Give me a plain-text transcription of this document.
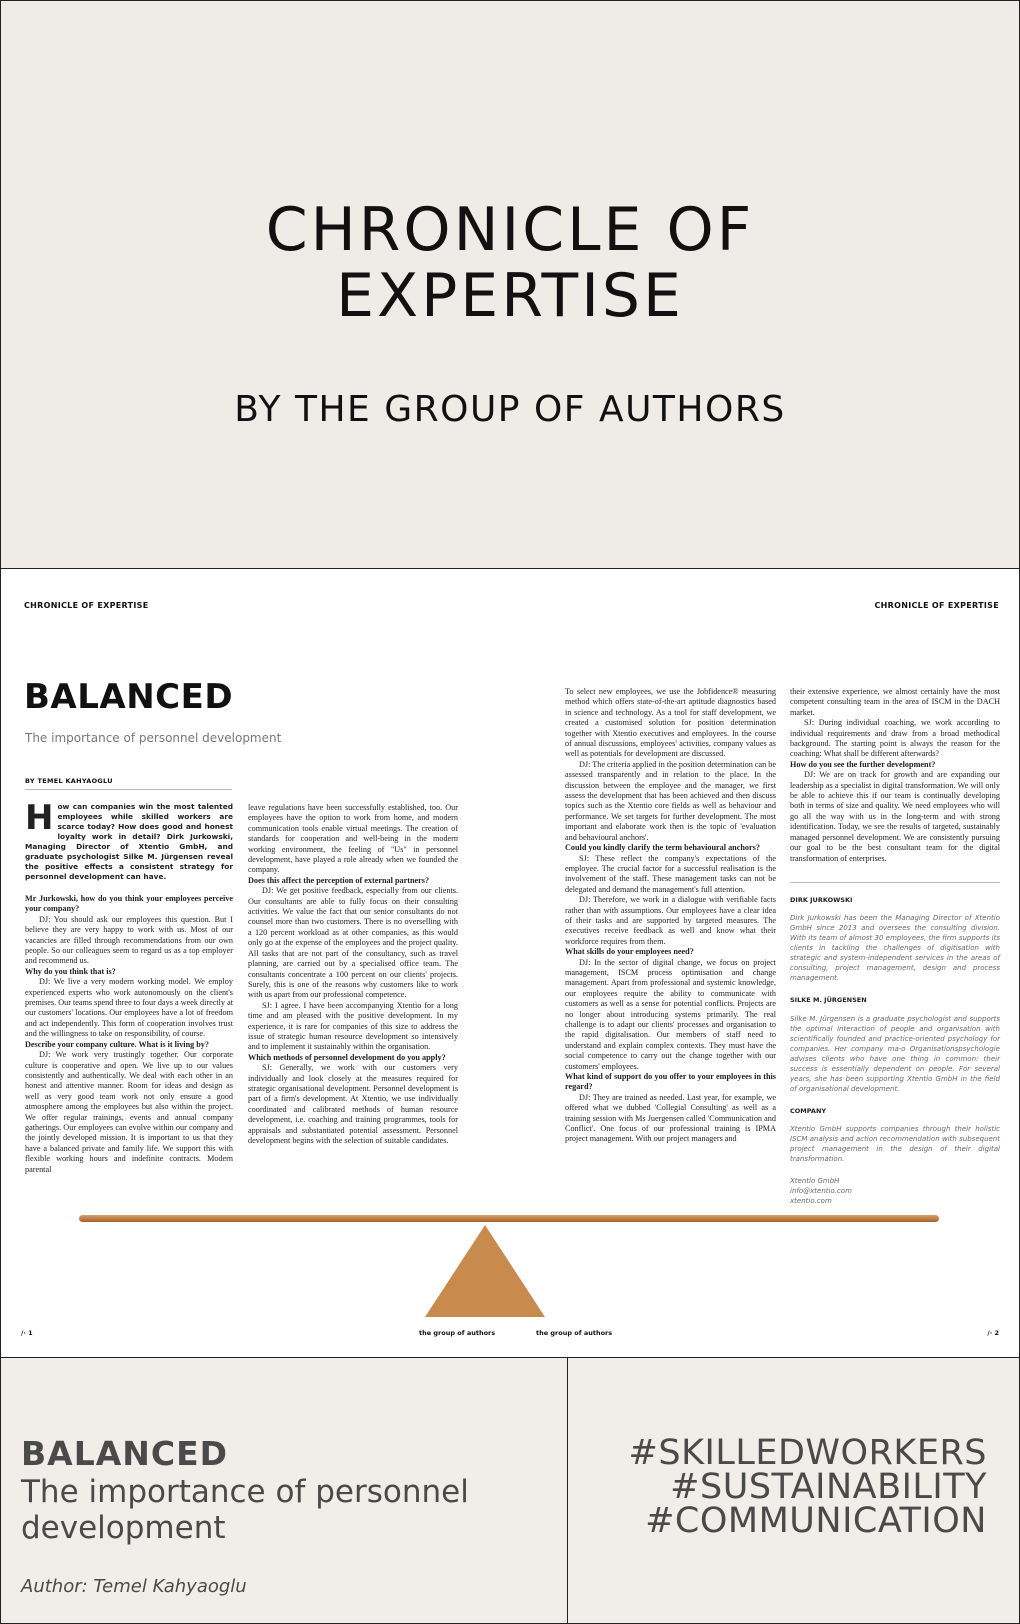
CHRONICLE OF
EXPERTISE
BY THE GROUP OF AUTHORS
CHRONICLE OF EXPERTISE	CHRONICLE OF EXPERTISE
BALANCED
The importance of personnel development
BY TEMEL KAHYAOGLU
How can companies win the most talented employees while skilled workers are scarce today? How does good and honest loyalty work in detail? Dirk Jurkowski, Managing Director of Xtentio GmbH, and graduate psychologist Silke M. Jürgensen reveal the positive effects a consistent strategy for personnel development can have.

Mr Jurkowski, how do you think your employees perceive your company?

DJ: You should ask our employees this question. But I believe they are very happy to work with us. Most of our vacancies are filled through recommendations from our own people. So our colleagues seem to regard us as a top employer and recommend us.

Why do you think that is?

DJ: We live a very modern working model. We employ experienced experts who work autonomously on the client's premises. Our teams spend three to four days a week directly at our customers' locations. Our employees have a lot of freedom and act independently. This form of cooperation involves trust and the willingness to take on responsibility, of course.

Describe your company culture. What is it living by?

DJ: We work very trustingly together. Our corporate culture is cooperative and open. We live up to our values consistently and authentically. We deal with each other in an honest and attentive manner. Room for ideas and design as well as very good team work not only ensure a good atmosphere among the employees but also within the project. We offer regular trainings, events and annual company gatherings. Our employees can evolve within our company and the jointly developed mission. It is important to us that they have a balanced private and family life. We support this with flexible working hours and indefinite contracts. Modern parental

leave regulations have been successfully established, too. Our employees have the option to work from home, and modern communication tools enable virtual meetings. The creation of standards for cooperation and well-being in the modern working environment, the feeling of "Us" in personnel development, have played a role already when we founded the company.

Does this affect the perception of external partners?

DJ: We get positive feedback, especially from our clients. Our consultants are able to fully focus on their consulting activities. We value the fact that our senior consultants do not counsel more than two customers. There is no overselling with a 120 percent workload as at other companies, as this would only go at the expense of the employees and the project quality. All tasks that are not part of the consultancy, such as travel planning, are carried out by a specialised office team. The consultants concentrate a 100 percent on our clients' projects. Surely, this is one of the reasons why customers like to work with us apart from our professional competence.

SJ: I agree. I have been accompanying Xtentio for a long time and am pleased with the positive development. In my experience, it is rare for companies of this size to address the issue of strategic human resource development so intensively and to implement it sustainably within the organisation.

Which methods of personnel development do you apply?

SJ: Generally, we work with our customers very individually and look closely at the measures required for strategic organisational development. Personnel development is part of a firm's development. At Xtentio, we use individually coordinated and calibrated methods of human resource development, i.e. coaching and training programmes, tools for appraisals and substantiated potential assessment. Personnel development begins with the selection of suitable candidates.

To select new employees, we use the Jobfidence® measuring method which offers state-of-the-art aptitude diagnostics based in science and technology. As a tool for staff development, we created a customised solution for position determination together with Xtentio executives and employees. In the course of annual discussions, employees' activities, company values as well as potentials for development are discussed.

DJ: The criteria applied in the position determination can be assessed transparently and in relation to the place. In the discussion between the employee and the manager, we first assess the development that has been achieved and then discuss topics such as the Xtentio core fields as well as behaviour and performance. We set targets for further development. The most important and elaborate work then is the topic of 'evaluation and behavioural anchors'.

Could you kindly clarify the term behavioural anchors?

SJ: These reflect the company's expectations of the employee. The crucial factor for a successful realisation is the involvement of the staff. These management tasks can not be delegated and demand the management's full attention.

DJ: Therefore, we work in a dialogue with verifiable facts rather than with assumptions. Our employees have a clear idea of their tasks and are supported by targeted measures. The executives receive feedback as well and know what their workforce requires from them.

What skills do your employees need?

DJ: In the sector of digital change, we focus on project management, ISCM process optimisation and change management. Apart from professional and systemic knowledge, our employees require the ability to communicate with customers as well as a sense for potential conflicts. Projects are no longer about introducing systems primarily. The real challenge is to adapt our clients' processes and organisation to the rapid digitalisation. Our members of staff need to understand and explain complex contexts. They must have the social competence to carry out the change together with our customers' employees.

What kind of support do you offer to your employees in this regard?

DJ: They are trained as needed. Last year, for example, we offered what we dubbed 'Collegial Consulting' as well as a training session with Ms Juergensen called 'Communication and Conflict'. One focus of our professional training is IPMA project management. With our project managers and

their extensive experience, we almost certainly have the most competent consulting team in the area of ISCM in the DACH market.

SJ: During individual coaching, we work according to individual requirements and draw from a broad methodical background. The starting point is always the reason for the coaching: What shall be different afterwards?

How do you see the further development?

DJ: We are on track for growth and are expanding our leadership as a specialist in digital transformation. We will only be able to achieve this if our team is continually developing both in terms of size and quality. We need employees who will go all the way with us in the long-term and with strong identification. Today, we see the results of targeted, sustainably managed personnel development. We are consistently pursuing our goal to be the best consultant team for the digital transformation of enterprises.

DIRK JURKOWSKI

Dirk Jurkowski has been the Managing Director of Xtentio GmbH since 2013 and oversees the consulting division. With its team of almost 30 employees, the firm supports its clients in tackling the challenges of digitisation with strategic and system-independent services in the areas of consulting, project management, design and process management.

SILKE M. JÜRGENSEN

Silke M. Jürgensen is a graduate psychologist and supports the optimal interaction of people and organisation with scientifically founded and practice-oriented psychology for companies. Her company ma-o Organisationspsychologie advises clients who have one thing in common: their success is essentially dependent on people. For several years, she has been supporting Xtentio GmbH in the field of organisational development.

COMPANY

Xtentio GmbH supports companies through their holistic ISCM analysis and action recommendation with subsequent project management in the design of their digital transformation.

Xtentio GmbH
info@xtentio.com
xtentio.com

/· 1	the group of authors	the group of authors	/· 2
BALANCED
The importance of personnel development
Author: Temel Kahyaoglu
#SKILLEDWORKERS
#SUSTAINABILITY
#COMMUNICATION
